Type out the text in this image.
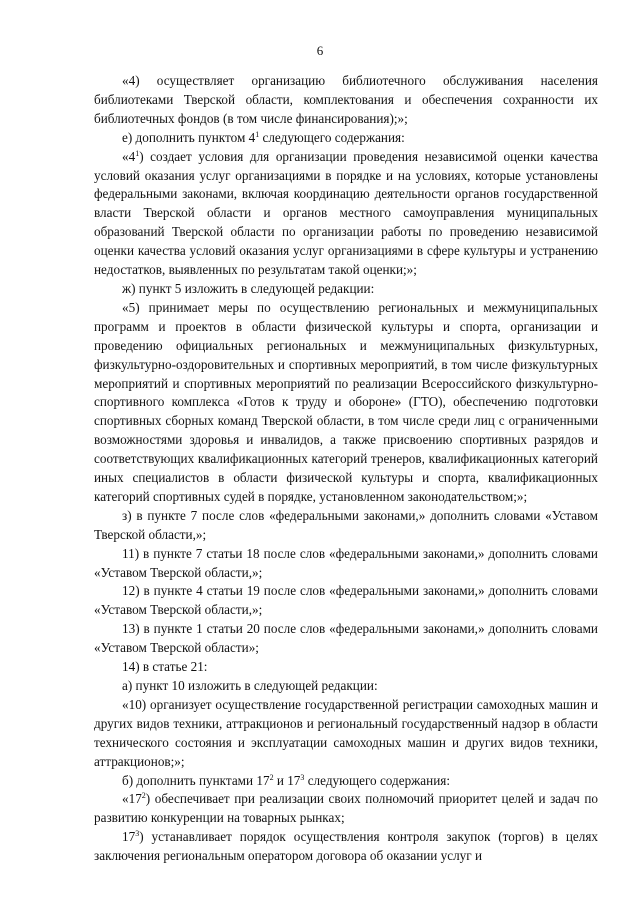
6

«4) осуществляет организацию библиотечного обслуживания населения библиотеками Тверской области, комплектования и обеспечения сохранности их библиотечных фондов (в том числе финансирования);»;

е) дополнить пунктом $4^1$ следующего содержания:

«$4^1$) создает условия для организации проведения независимой оценки качества условий оказания услуг организациями в порядке и на условиях, которые установлены федеральными законами, включая координацию деятельности органов государственной власти Тверской области и органов местного самоуправления муниципальных образований Тверской области по организации работы по проведению независимой оценки качества условий оказания услуг организациями в сфере культуры и устранению недостатков, выявленных по результатам такой оценки;»;

ж) пункт 5 изложить в следующей редакции:

«5) принимает меры по осуществлению региональных и межмуниципальных программ и проектов в области физической культуры и спорта, организации и проведению официальных региональных и межмуниципальных физкультурных, физкультурно-оздоровительных и спортивных мероприятий, в том числе физкультурных мероприятий и спортивных мероприятий по реализации Всероссийского физкультурно-спортивного комплекса «Готов к труду и обороне» (ГТО), обеспечению подготовки спортивных сборных команд Тверской области, в том числе среди лиц с ограниченными возможностями здоровья и инвалидов, а также присвоению спортивных разрядов и соответствующих квалификационных категорий тренеров, квалификационных категорий иных специалистов в области физической культуры и спорта, квалификационных категорий спортивных судей в порядке, установленном законодательством;»;

з) в пункте 7 после слов «федеральными законами,» дополнить словами «Уставом Тверской области,»;

11) в пункте 7 статьи 18 после слов «федеральными законами,» дополнить словами «Уставом Тверской области,»;

12) в пункте 4 статьи 19 после слов «федеральными законами,» дополнить словами «Уставом Тверской области,»;

13) в пункте 1 статьи 20 после слов «федеральными законами,» дополнить словами «Уставом Тверской области»;

14) в статье 21:

а) пункт 10 изложить в следующей редакции:

«10) организует осуществление государственной регистрации самоходных машин и других видов техники, аттракционов и региональный государственный надзор в области технического состояния и эксплуатации самоходных машин и других видов техники, аттракционов;»;

б) дополнить пунктами $17^2$ и $17^3$ следующего содержания:

«$17^2$) обеспечивает при реализации своих полномочий приоритет целей и задач по развитию конкуренции на товарных рынках;

$17^3$) устанавливает порядок осуществления контроля закупок (торгов) в целях заключения региональным оператором договора об оказании услуг и
